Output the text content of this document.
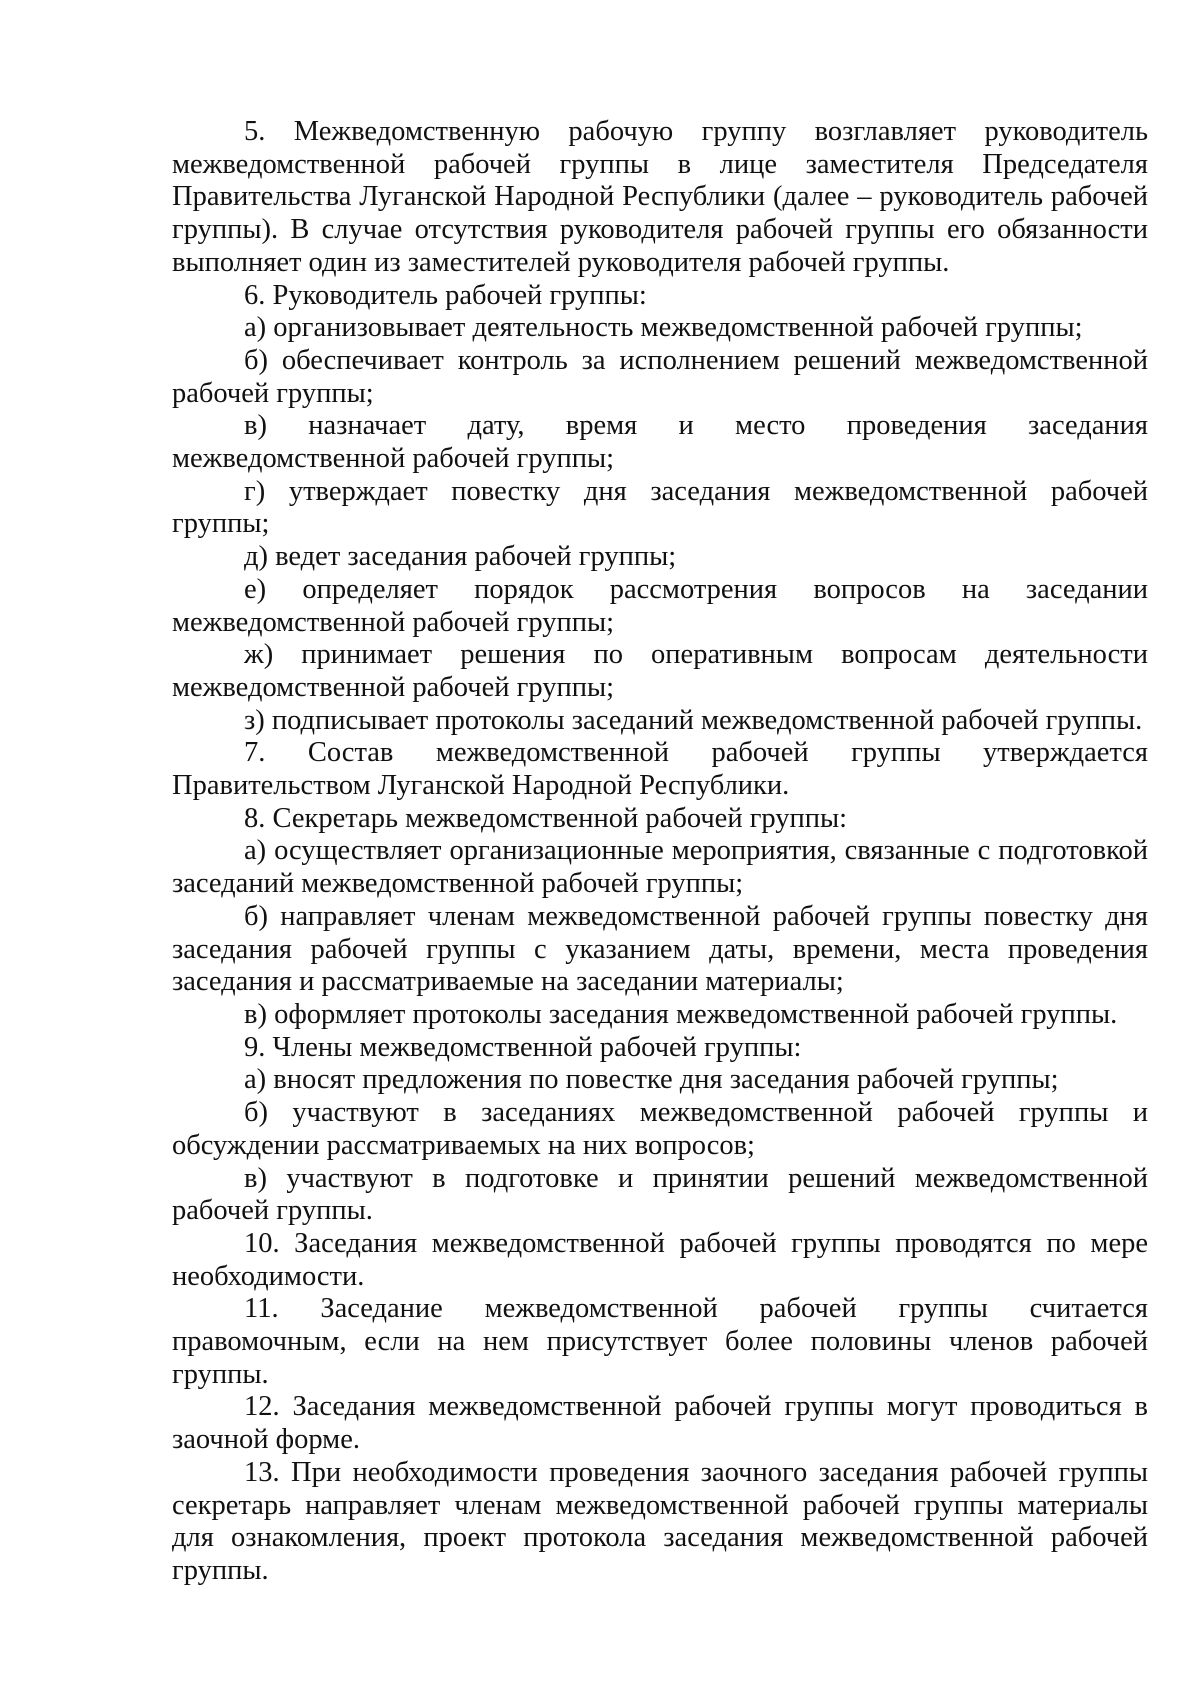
5. Межведомственную рабочую группу возглавляет руководитель межведомственной рабочей группы в лице заместителя Председателя Правительства Луганской Народной Республики (далее – руководитель рабочей группы). В случае отсутствия руководителя рабочей группы его обязанности выполняет один из заместителей руководителя рабочей группы.

6. Руководитель рабочей группы:

а) организовывает деятельность межведомственной рабочей группы;

б) обеспечивает контроль за исполнением решений межведомственной рабочей группы;

в) назначает дату, время и место проведения заседания межведомственной рабочей группы;

г) утверждает повестку дня заседания межведомственной рабочей группы;

д) ведет заседания рабочей группы;

е) определяет порядок рассмотрения вопросов на заседании межведомственной рабочей группы;

ж) принимает решения по оперативным вопросам деятельности межведомственной рабочей группы;

з) подписывает протоколы заседаний межведомственной рабочей группы.

7. Состав межведомственной рабочей группы утверждается Правительством Луганской Народной Республики.

8. Секретарь межведомственной рабочей группы:

а) осуществляет организационные мероприятия, связанные с подготовкой заседаний межведомственной рабочей группы;

б) направляет членам межведомственной рабочей группы повестку дня заседания рабочей группы с указанием даты, времени, места проведения заседания и рассматриваемые на заседании материалы;

в) оформляет протоколы заседания межведомственной рабочей группы.

9. Члены межведомственной рабочей группы:

а) вносят предложения по повестке дня заседания рабочей группы;

б) участвуют в заседаниях межведомственной рабочей группы и обсуждении рассматриваемых на них вопросов;

в) участвуют в подготовке и принятии решений межведомственной рабочей группы.

10. Заседания межведомственной рабочей группы проводятся по мере необходимости.

11. Заседание межведомственной рабочей группы считается правомочным, если на нем присутствует более половины членов рабочей группы.

12. Заседания межведомственной рабочей группы могут проводиться в заочной форме.

13. При необходимости проведения заочного заседания рабочей группы секретарь направляет членам межведомственной рабочей группы материалы для ознакомления, проект протокола заседания межведомственной рабочей группы.
